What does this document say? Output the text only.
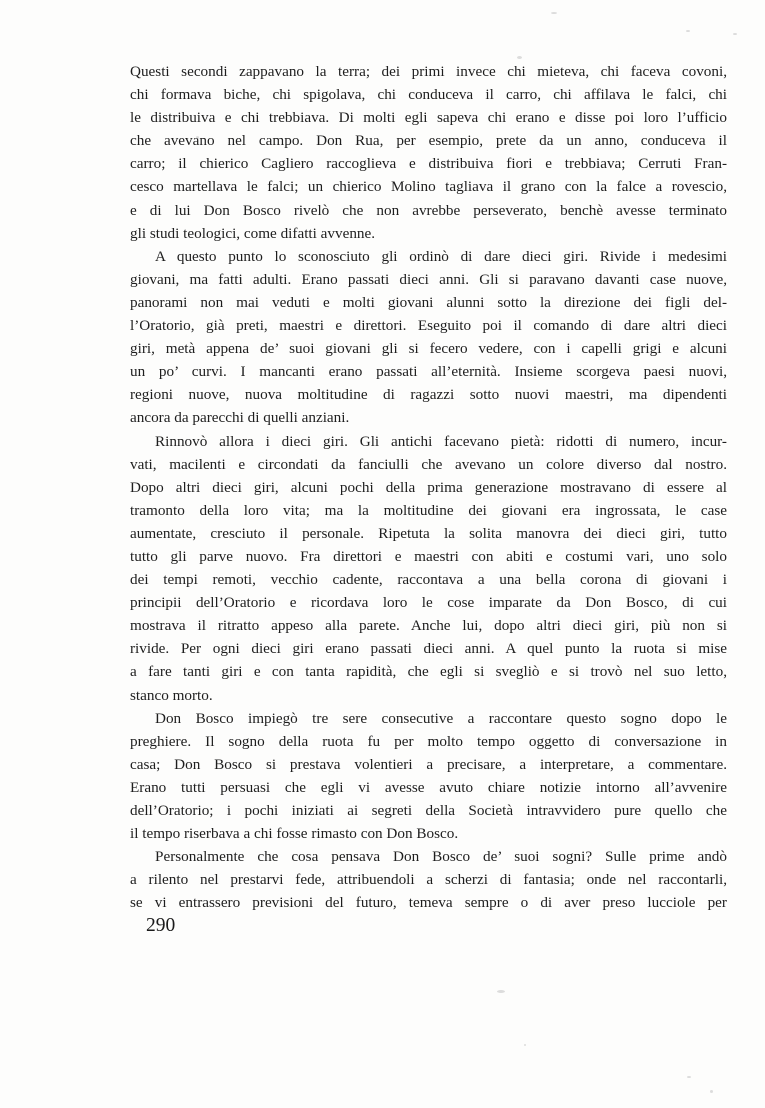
Questi secondi zappavano la terra; dei primi invece chi mieteva, chi faceva covoni,
chi formava biche, chi spigolava, chi conduceva il carro, chi affilava le falci, chi
le distribuiva e chi trebbiava. Di molti egli sapeva chi erano e disse poi loro l’ufficio
che avevano nel campo. Don Rua, per esempio, prete da un anno, conduceva il
carro; il chierico Cagliero raccoglieva e distribuiva fiori e trebbiava; Cerruti Fran-
cesco martellava le falci; un chierico Molino tagliava il grano con la falce a rovescio,
e di lui Don Bosco rivelò che non avrebbe perseverato, benchè avesse terminato
gli studi teologici, come difatti avvenne.
A questo punto lo sconosciuto gli ordinò di dare dieci giri. Rivide i medesimi
giovani, ma fatti adulti. Erano passati dieci anni. Gli si paravano davanti case nuove,
panorami non mai veduti e molti giovani alunni sotto la direzione dei figli del-
l’Oratorio, già preti, maestri e direttori. Eseguito poi il comando di dare altri dieci
giri, metà appena de’ suoi giovani gli si fecero vedere, con i capelli grigi e alcuni
un po’ curvi. I mancanti erano passati all’eternità. Insieme scorgeva paesi nuovi,
regioni nuove, nuova moltitudine di ragazzi sotto nuovi maestri, ma dipendenti
ancora da parecchi di quelli anziani.
Rinnovò allora i dieci giri. Gli antichi facevano pietà: ridotti di numero, incur-
vati, macilenti e circondati da fanciulli che avevano un colore diverso dal nostro.
Dopo altri dieci giri, alcuni pochi della prima generazione mostravano di essere al
tramonto della loro vita; ma la moltitudine dei giovani era ingrossata, le case
aumentate, cresciuto il personale. Ripetuta la solita manovra dei dieci giri, tutto
tutto gli parve nuovo. Fra direttori e maestri con abiti e costumi vari, uno solo
dei tempi remoti, vecchio cadente, raccontava a una bella corona di giovani i
principii dell’Oratorio e ricordava loro le cose imparate da Don Bosco, di cui
mostrava il ritratto appeso alla parete. Anche lui, dopo altri dieci giri, più non si
rivide. Per ogni dieci giri erano passati dieci anni. A quel punto la ruota si mise
a fare tanti giri e con tanta rapidità, che egli si svegliò e si trovò nel suo letto,
stanco morto.
Don Bosco impiegò tre sere consecutive a raccontare questo sogno dopo le
preghiere. Il sogno della ruota fu per molto tempo oggetto di conversazione in
casa; Don Bosco si prestava volentieri a precisare, a interpretare, a commentare.
Erano tutti persuasi che egli vi avesse avuto chiare notizie intorno all’avvenire
dell’Oratorio; i pochi iniziati ai segreti della Società intravvidero pure quello che
il tempo riserbava a chi fosse rimasto con Don Bosco.
Personalmente che cosa pensava Don Bosco de’ suoi sogni? Sulle prime andò
a rilento nel prestarvi fede, attribuendoli a scherzi di fantasia; onde nel raccontarli,
se vi entrassero previsioni del futuro, temeva sempre o di aver preso lucciole per
290
